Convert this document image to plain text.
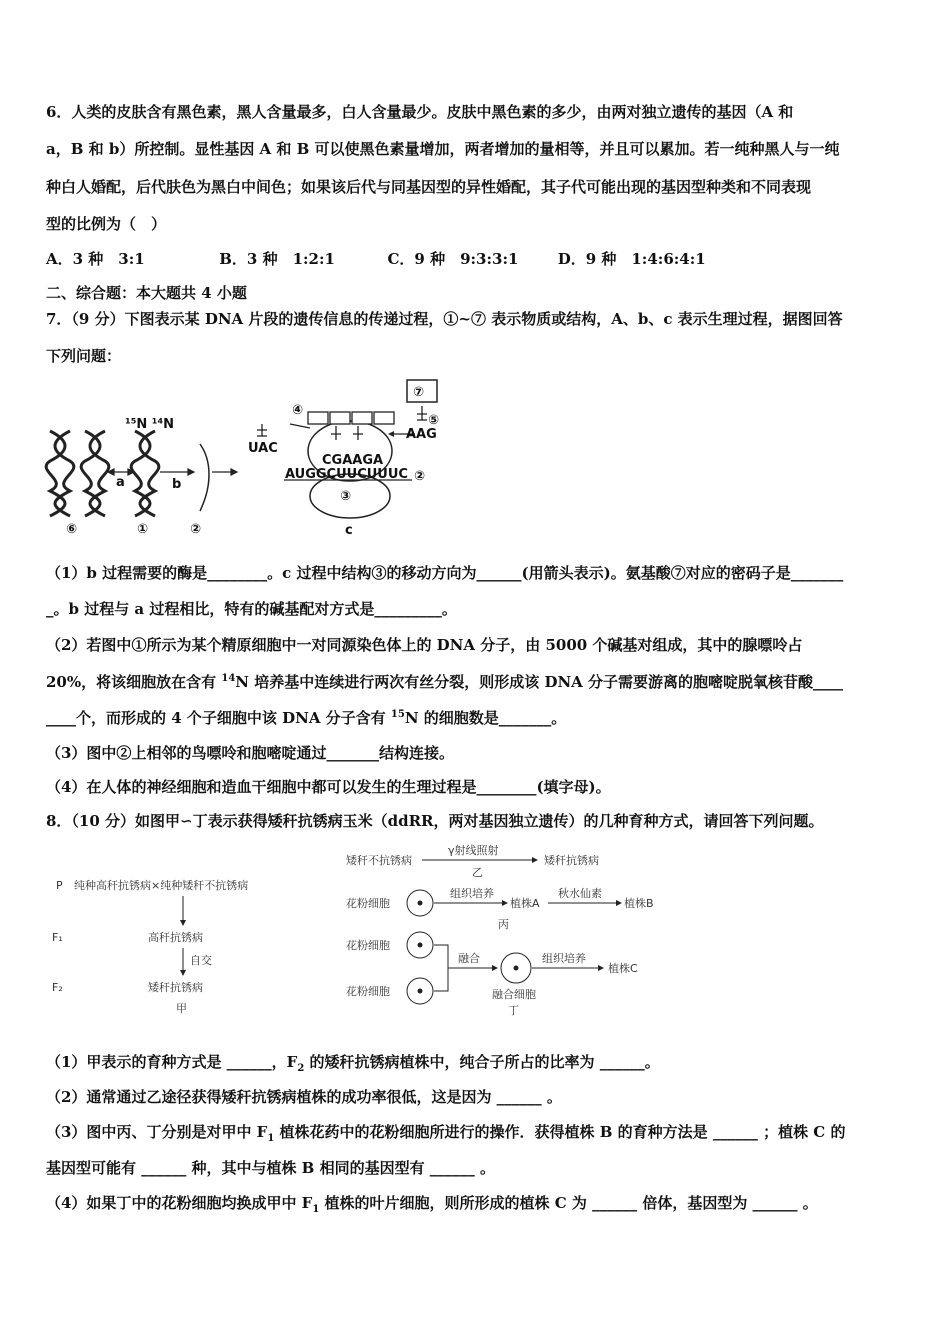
6．人类的皮肤含有黑色素，黑人含量最多，白人含量最少。皮肤中黑色素的多少，由两对独立遗传的基因（A 和
a，B 和 b）所控制。显性基因 A 和 B 可以使黑色素量增加，两者增加的量相等，并且可以累加。若一纯种黑人与一纯
种白人婚配，后代肤色为黑白中间色；如果该后代与同基因型的异性婚配，其子代可能出现的基因型种类和不同表现
型的比例为（　）
A．3 种　3:1	B．3 种　1:2:1	C．9 种　9:3:3:1	D．9 种　1:4:6:4:1
二、综合题：本大题共 4 小题
7．（9 分）下图表示某 DNA 片段的遗传信息的传递过程，①~⑦ 表示物质或结构，A、b、c 表示生理过程，据图回答
下列问题：
¹⁵N ¹⁴N
a	b
⑥	①	②
③
c
④
⑦
⑤
UAC
AAG
CGAAGA
AUGGCUUCUUUC ②
（1）b 过程需要的酶是________。c 过程中结构③的移动方向为______(用箭头表示)。氨基酸⑦对应的密码子是_______
_。b 过程与 a 过程相比，特有的碱基配对方式是_________。
（2）若图中①所示为某个精原细胞中一对同源染色体上的 DNA 分子，由 5000 个碱基对组成，其中的腺嘌呤占
20%，将该细胞放在含有 $^{14}$N 培养基中连续进行两次有丝分裂，则形成该 DNA 分子需要游离的胞嘧啶脱氧核苷酸____
____个，而形成的 4 个子细胞中该 DNA 分子含有 $^{15}$N 的细胞数是_______。
（3）图中②上相邻的鸟嘌呤和胞嘧啶通过_______结构连接。
（4）在人体的神经细胞和造血干细胞中都可以发生的生理过程是________(填字母)。
8．（10 分）如图甲∽丁表示获得矮秆抗锈病玉米（ddRR，两对基因独立遗传）的几种育种方式，请回答下列问题。
P 纯种高秆抗锈病×纯种矮秆不抗锈病
F₁	高秆抗锈病
自交
F₂	矮秆抗锈病
甲
矮秆不抗锈病
γ射线照射
矮秆抗锈病
乙
花粉细胞
组织培养
植株A
秋水仙素
植株B
丙
花粉细胞
花粉细胞
融合	组织培养
植株C
融合细胞
丁
（1）甲表示的育种方式是 ______，$F_2$ 的矮秆抗锈病植株中，纯合子所占的比率为 ______。
（2）通常通过乙途径获得矮秆抗锈病植株的成功率很低，这是因为 ______ 。
（3）图中丙、丁分别是对甲中 $F_1$ 植株花药中的花粉细胞所进行的操作．获得植株 B 的育种方法是 ______ ；植株 C 的
基因型可能有 ______ 种，其中与植株 B 相同的基因型有 ______ 。
（4）如果丁中的花粉细胞均换成甲中 $F_1$ 植株的叶片细胞，则所形成的植株 C 为 ______ 倍体，基因型为 ______ 。
